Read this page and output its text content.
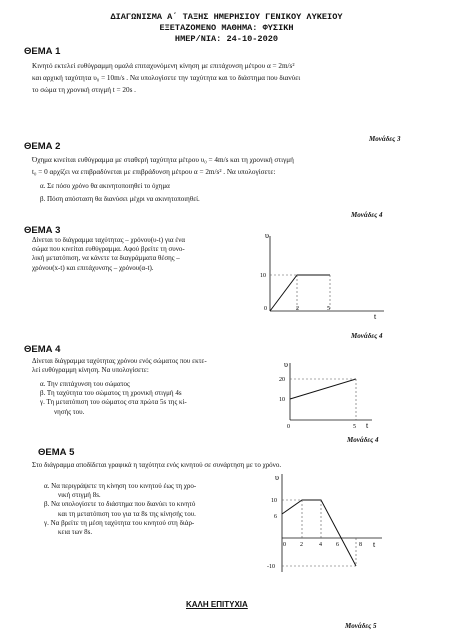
ΔΙΑΓΩΝΙΣΜΑ Α΄ ΤΑΞΗΣ ΗΜΕΡΗΣΙΟΥ ΓΕΝΙΚΟΥ ΛΥΚΕΙΟΥ
ΕΞΕΤΑΖΟΜΕΝΟ ΜΑΘΗΜΑ: ΦΥΣΙΚΗ
ΗΜΕΡ/ΝΙΑ: 24-10-2020
ΘΕΜΑ 1
Κινητό εκτελεί ευθύγραμμη ομαλά επιταχυνόμενη κίνηση με επιτάχυνση μέτρου α = 2m/s²
και αρχική ταχύτητα υ₀ = 10m/s . Να υπολογίσετε την ταχύτητα και το διάστημα που διανύει
το σώμα τη χρονική στιγμή t = 20s .
Μονάδες 3
ΘΕΜΑ 2
Όχημα κινείται ευθύγραμμα με σταθερή ταχύτητα μέτρου υ₀ = 4m/s και τη χρονική στιγμή
t₀ = 0 αρχίζει να επιβραδύνεται με επιβράδυνση μέτρου α = 2m/s² . Να υπολογίσετε:
α. Σε πόσο χρόνο θα ακινητοποιηθεί το όχημα
β. Πόση απόσταση θα διανύσει μέχρι να ακινητοποιηθεί.
Μονάδες 4
ΘΕΜΑ 3
Δίνεται το διάγραμμα ταχύτητας – χρόνου(υ-t) για ένα
σώμα που κινείται ευθύγραμμα. Αφού βρείτε τη συνο-
λική μετατόπιση, να κάνετε τα διαγράμματα θέσης –
χρόνου(x-t) και επιτάχυνσης – χρόνου(α-t).
υ
t
0
10
2	5
Μονάδες 4
ΘΕΜΑ 4
Δίνεται διάγραμμα ταχύτητας χρόνου ενός σώματος που εκτε-
λεί ευθύγραμμη κίνηση. Να υπολογίσετε:
α. Την επιτάχυνση του σώματος
β. Τη ταχύτητα του σώματος τη χρονική στιγμή 4s
γ. Τη μετατόπιση του σώματος στα πρώτα 5s της κί-
νησής του.
υ
t
0
20
10
5
Μονάδες 4
ΘΕΜΑ 5
Στο διάγραμμα αποδίδεται γραφικά η ταχύτητα ενός κινητού σε συνάρτηση με το χρόνο.
α. Να περιγράψετε τη κίνηση του κινητού έως τη χρο-
νική στιγμή 8s.
β. Να υπολογίσετε το διάστημα που διανύει το κινητό
και τη μετατόπιση του για τα 8s της κίνησής του.
γ. Να βρείτε τη μέση ταχύτητα του κινητού στη διάρ-
κεια των 8s.
υ
t
0
10
6
-10
2	4 6	8
ΚΑΛΗ ΕΠΙΤΥΧΙΑ
Μονάδες 5
